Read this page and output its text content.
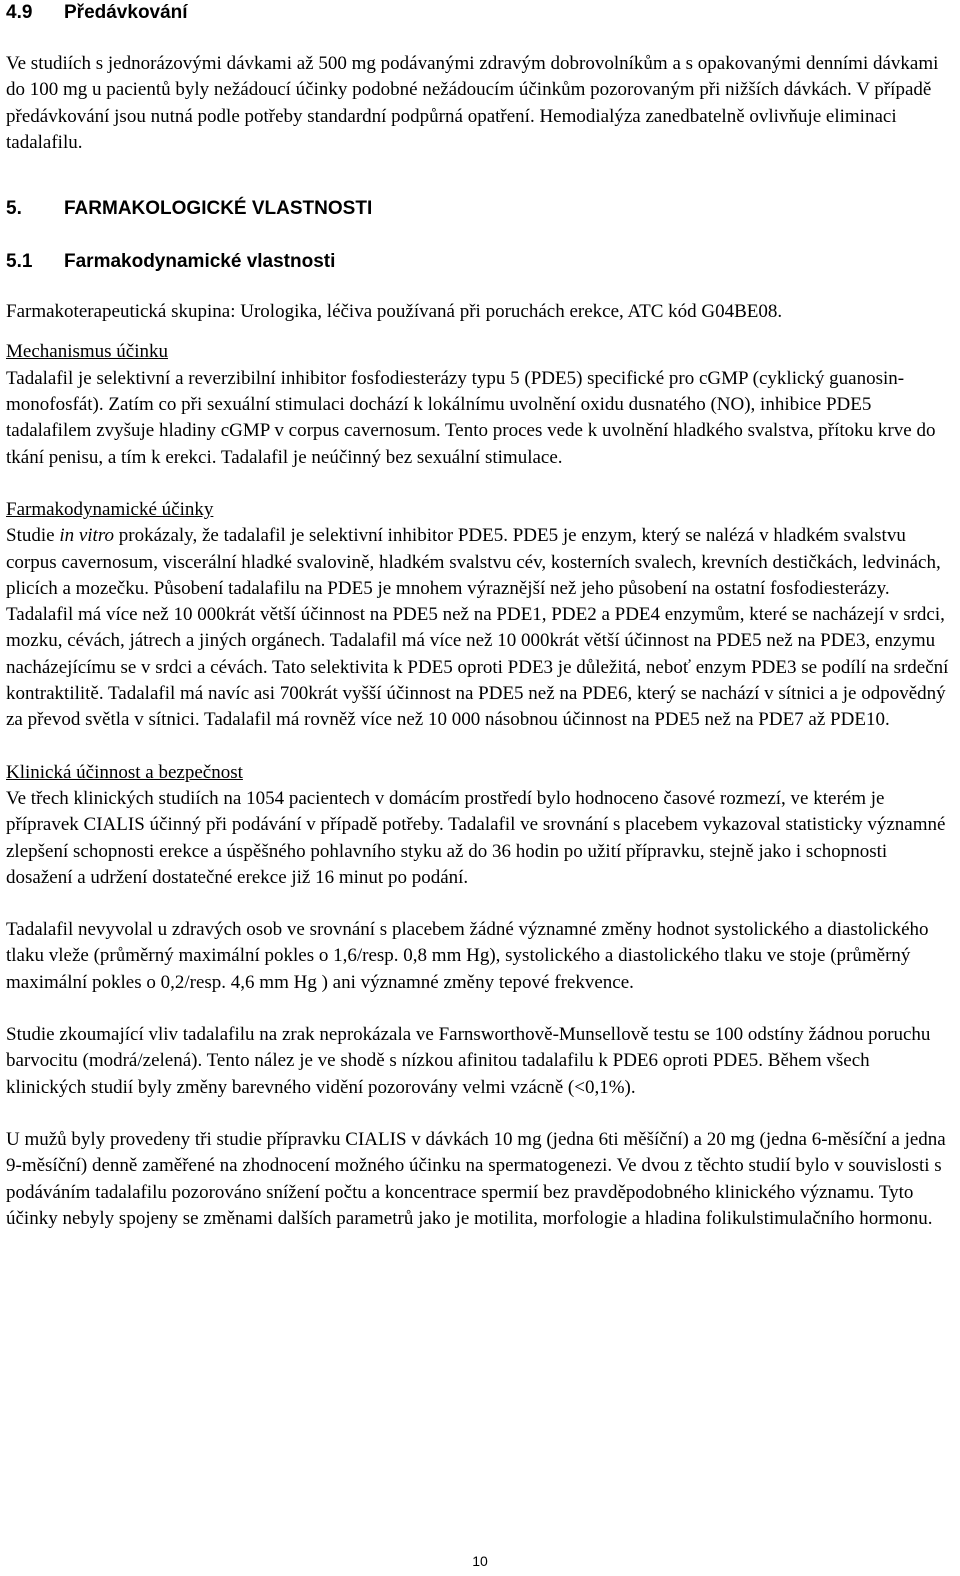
4.9 Předávkování

Ve studiích s jednorázovými dávkami až 500 mg podávanými zdravým dobrovolníkům a s opakovanými denními dávkami do 100 mg u pacientů byly nežádoucí účinky podobné nežádoucím účinkům pozorovaným při nižších dávkách. V případě předávkování jsou nutná podle potřeby standardní podpůrná opatření. Hemodialýza zanedbatelně ovlivňuje eliminaci tadalafilu.

5. FARMAKOLOGICKÉ VLASTNOSTI
5.1 Farmakodynamické vlastnosti

Farmakoterapeutická skupina: Urologika, léčiva používaná při poruchách erekce, ATC kód G04BE08.

Mechanismus účinku

Tadalafil je selektivní a reverzibilní inhibitor fosfodiesterázy typu 5 (PDE5) specifické pro cGMP (cyklický guanosin-monofosfát). Zatím co při sexuální stimulaci dochází k lokálnímu uvolnění oxidu dusnatého (NO), inhibice PDE5 tadalafilem zvyšuje hladiny cGMP v corpus cavernosum. Tento proces vede k uvolnění hladkého svalstva, přítoku krve do tkání penisu, a tím k erekci. Tadalafil je neúčinný bez sexuální stimulace.

Farmakodynamické účinky

Studie in vitro prokázaly, že tadalafil je selektivní inhibitor PDE5. PDE5 je enzym, který se nalézá v hladkém svalstvu corpus cavernosum, viscerální hladké svalovině, hladkém svalstvu cév, kosterních svalech, krevních destičkách, ledvinách, plicích a mozečku. Působení tadalafilu na PDE5 je mnohem výraznější než jeho působení na ostatní fosfodiesterázy. Tadalafil má více než 10 000krát větší účinnost na PDE5 než na PDE1, PDE2 a PDE4 enzymům, které se nacházejí v srdci, mozku, cévách, játrech a jiných orgánech. Tadalafil má více než 10 000krát větší účinnost na PDE5 než na PDE3, enzymu nacházejícímu se v srdci a cévách. Tato selektivita k PDE5 oproti PDE3 je důležitá, neboť enzym PDE3 se podílí na srdeční kontraktilitě. Tadalafil má navíc asi 700krát vyšší účinnost na PDE5 než na PDE6, který se nachází v sítnici a je odpovědný za převod světla v sítnici. Tadalafil má rovněž více než 10 000 násobnou účinnost na PDE5 než na PDE7 až PDE10.

Klinická účinnost a bezpečnost

Ve třech klinických studiích na 1054 pacientech v domácím prostředí bylo hodnoceno časové rozmezí, ve kterém je přípravek CIALIS účinný při podávání v případě potřeby. Tadalafil ve srovnání s placebem vykazoval statisticky významné zlepšení schopnosti erekce a úspěšného pohlavního styku až do 36 hodin po užití přípravku, stejně jako i schopnosti dosažení a udržení dostatečné erekce již 16 minut po podání.

Tadalafil nevyvolal u zdravých osob ve srovnání s placebem žádné významné změny hodnot systolického a diastolického tlaku vleže (průměrný maximální pokles o 1,6/resp. 0,8 mm Hg), systolického a diastolického tlaku ve stoje (průměrný maximální pokles o 0,2/resp. 4,6 mm Hg ) ani významné změny tepové frekvence.

Studie zkoumající vliv tadalafilu na zrak neprokázala ve Farnsworthově-Munsellově testu se 100 odstíny žádnou poruchu barvocitu (modrá/zelená). Tento nález je ve shodě s nízkou afinitou tadalafilu k PDE6 oproti PDE5. Během všech klinických studií byly změny barevného vidění pozorovány velmi vzácně (<0,1%).

U mužů byly provedeny tři studie přípravku CIALIS v dávkách 10 mg (jedna 6ti měšíční) a 20 mg (jedna 6-měsíční a jedna 9-měsíční) denně zaměřené na zhodnocení možného účinku na spermatogenezi. Ve dvou z těchto studií bylo v souvislosti s podáváním tadalafilu pozorováno snížení počtu a koncentrace spermií bez pravděpodobného klinického významu. Tyto účinky nebyly spojeny se změnami dalších parametrů jako je motilita, morfologie a hladina folikulstimulačního hormonu.

10
